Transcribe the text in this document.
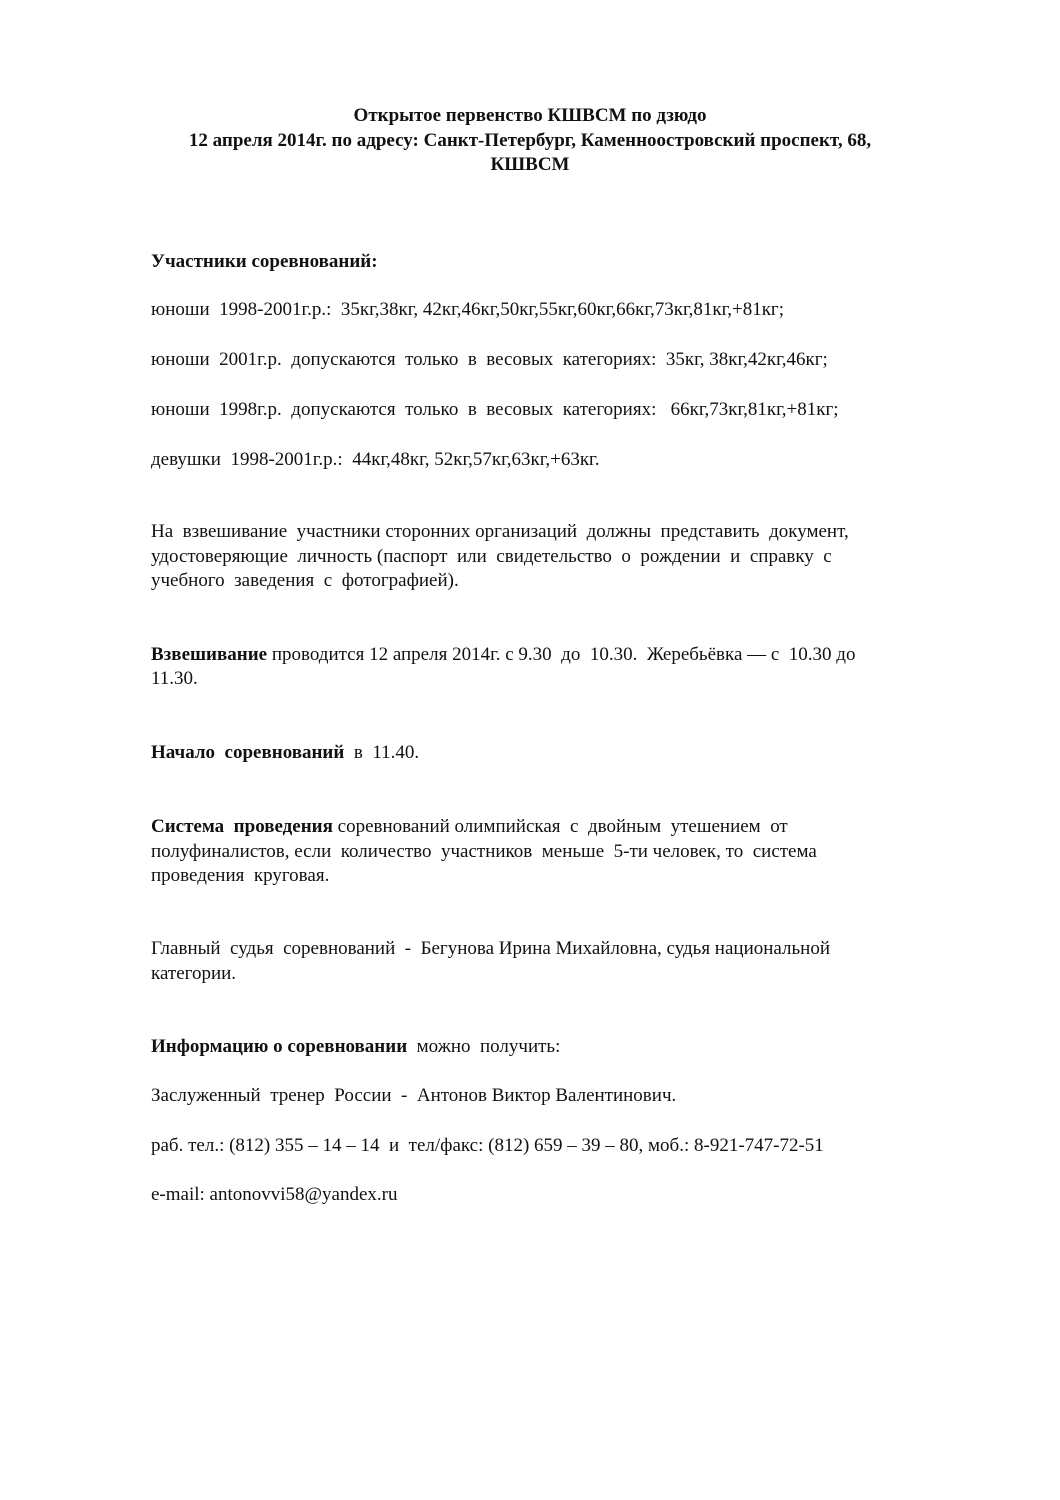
Открытое первенство КШВСМ по дзюдо
12 апреля 2014г. по адресу: Санкт-Петербург, Каменноостровский проспект, 68,
КШВСМ
Участники соревнований:
юноши  1998-2001г.р.:  35кг,38кг, 42кг,46кг,50кг,55кг,60кг,66кг,73кг,81кг,+81кг;
юноши  2001г.р.  допускаются  только  в  весовых  категориях:  35кг, 38кг,42кг,46кг;
юноши  1998г.р.  допускаются  только  в  весовых  категориях:   66кг,73кг,81кг,+81кг;
девушки  1998-2001г.р.:  44кг,48кг, 52кг,57кг,63кг,+63кг.
На  взвешивание  участники сторонних организаций  должны  представить  документ,
удостоверяющие  личность (паспорт  или  свидетельство  о  рождении  и  справку  с
учебного  заведения  с  фотографией).
Взвешивание проводится 12 апреля 2014г. с 9.30  до  10.30.  Жеребьёвка — с  10.30 до
11.30.
Начало  соревнований  в  11.40.
Система  проведения соревнований олимпийская  с  двойным  утешением  от
полуфиналистов, если  количество  участников  меньше  5-ти человек, то  система
проведения  круговая.
Главный  судья  соревнований  -  Бегунова Ирина Михайловна, судья национальной
категории.
Информацию о соревновании  можно  получить:
Заслуженный  тренер  России  -  Антонов Виктор Валентинович.
раб. тел.: (812) 355 – 14 – 14  и  тел/факс: (812) 659 – 39 – 80, моб.: 8-921-747-72-51
e-mail: antonovvi58@yandex.ru
